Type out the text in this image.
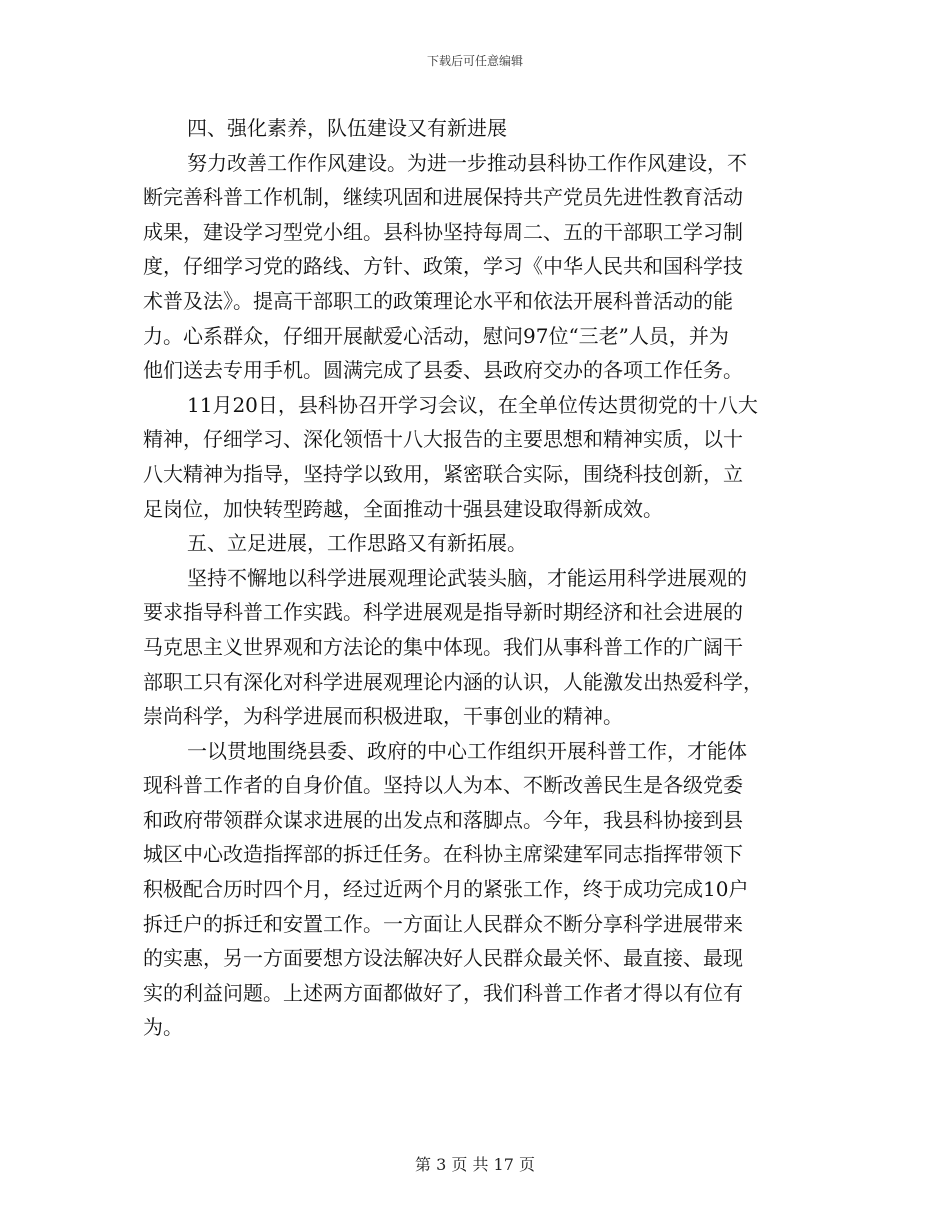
下载后可任意编辑
四、强化素养，队伍建设又有新进展
努力改善工作作风建设。为进一步推动县科协工作作风建设，不
断完善科普工作机制，继续巩固和进展保持共产党员先进性教育活动
成果，建设学习型党小组。县科协坚持每周二、五的干部职工学习制
度，仔细学习党的路线、方针、政策，学习《中华人民共和国科学技
术普及法》。提高干部职工的政策理论水平和依法开展科普活动的能
力。心系群众，仔细开展献爱心活动，慰问97位“三老”人员，并为
他们送去专用手机。圆满完成了县委、县政府交办的各项工作任务。
11月20日，县科协召开学习会议，在全单位传达贯彻党的十八大
精神，仔细学习、深化领悟十八大报告的主要思想和精神实质，以十
八大精神为指导，坚持学以致用，紧密联合实际，围绕科技创新，立
足岗位，加快转型跨越，全面推动十强县建设取得新成效。
五、立足进展，工作思路又有新拓展。
坚持不懈地以科学进展观理论武装头脑，才能运用科学进展观的
要求指导科普工作实践。科学进展观是指导新时期经济和社会进展的
马克思主义世界观和方法论的集中体现。我们从事科普工作的广阔干
部职工只有深化对科学进展观理论内涵的认识，人能激发出热爱科学，
崇尚科学，为科学进展而积极进取，干事创业的精神。
一以贯地围绕县委、政府的中心工作组织开展科普工作，才能体
现科普工作者的自身价值。坚持以人为本、不断改善民生是各级党委
和政府带领群众谋求进展的出发点和落脚点。今年，我县科协接到县
城区中心改造指挥部的拆迁任务。在科协主席梁建军同志指挥带领下
积极配合历时四个月，经过近两个月的紧张工作，终于成功完成10户
拆迁户的拆迁和安置工作。一方面让人民群众不断分享科学进展带来
的实惠，另一方面要想方设法解决好人民群众最关怀、最直接、最现
实的利益问题。上述两方面都做好了，我们科普工作者才得以有位有
为。
第 3 页 共 17 页
